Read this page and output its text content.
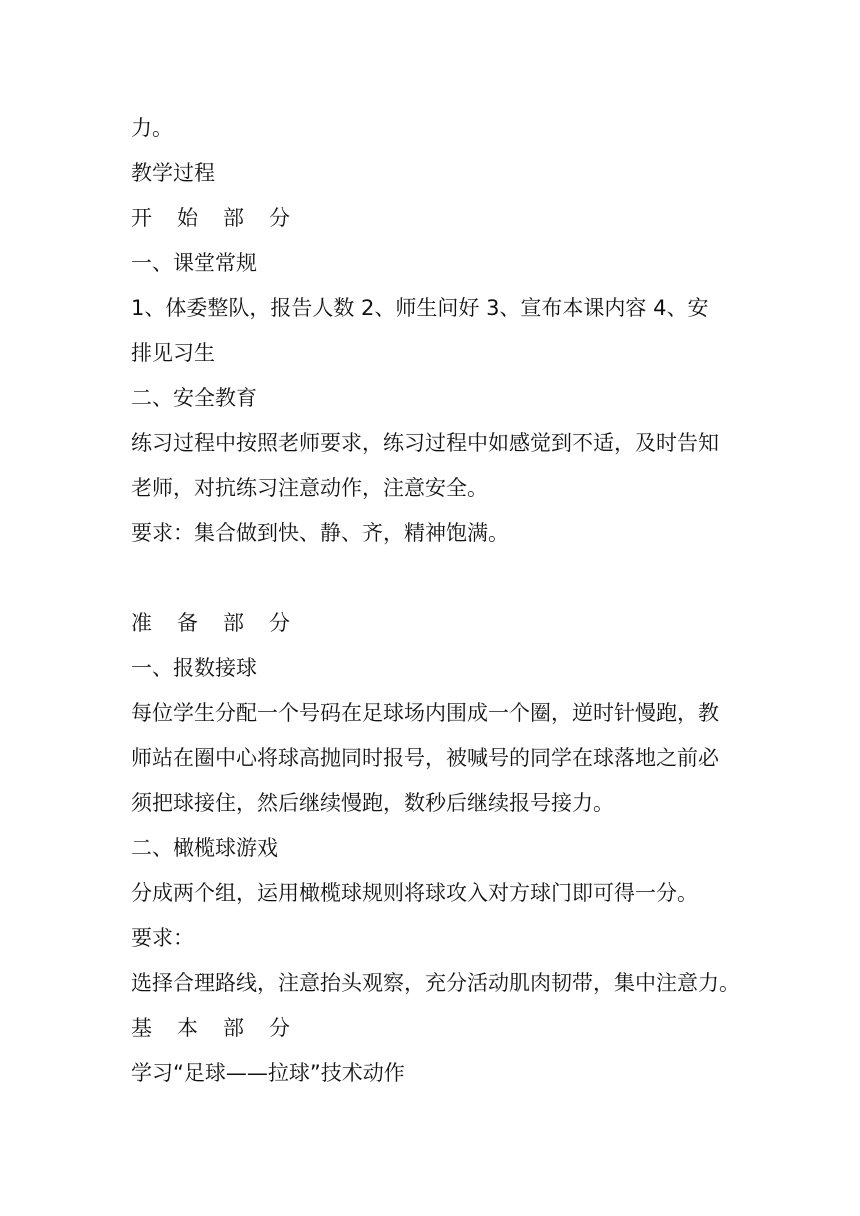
力。
教学过程
开 始 部 分
一、课堂常规
1、体委整队，报告人数 2、师生问好 3、宣布本课内容 4、安
排见习生
二、安全教育
练习过程中按照老师要求，练习过程中如感觉到不适，及时告知
老师，对抗练习注意动作，注意安全。
要求：集合做到快、静、齐，精神饱满。
准 备 部 分
一、报数接球
每位学生分配一个号码在足球场内围成一个圈，逆时针慢跑，教
师站在圈中心将球高抛同时报号，被喊号的同学在球落地之前必
须把球接住，然后继续慢跑，数秒后继续报号接力。
二、橄榄球游戏
分成两个组，运用橄榄球规则将球攻入对方球门即可得一分。
要求：
选择合理路线，注意抬头观察，充分活动肌肉韧带，集中注意力。
基 本 部 分
学习“足球——拉球”技术动作
